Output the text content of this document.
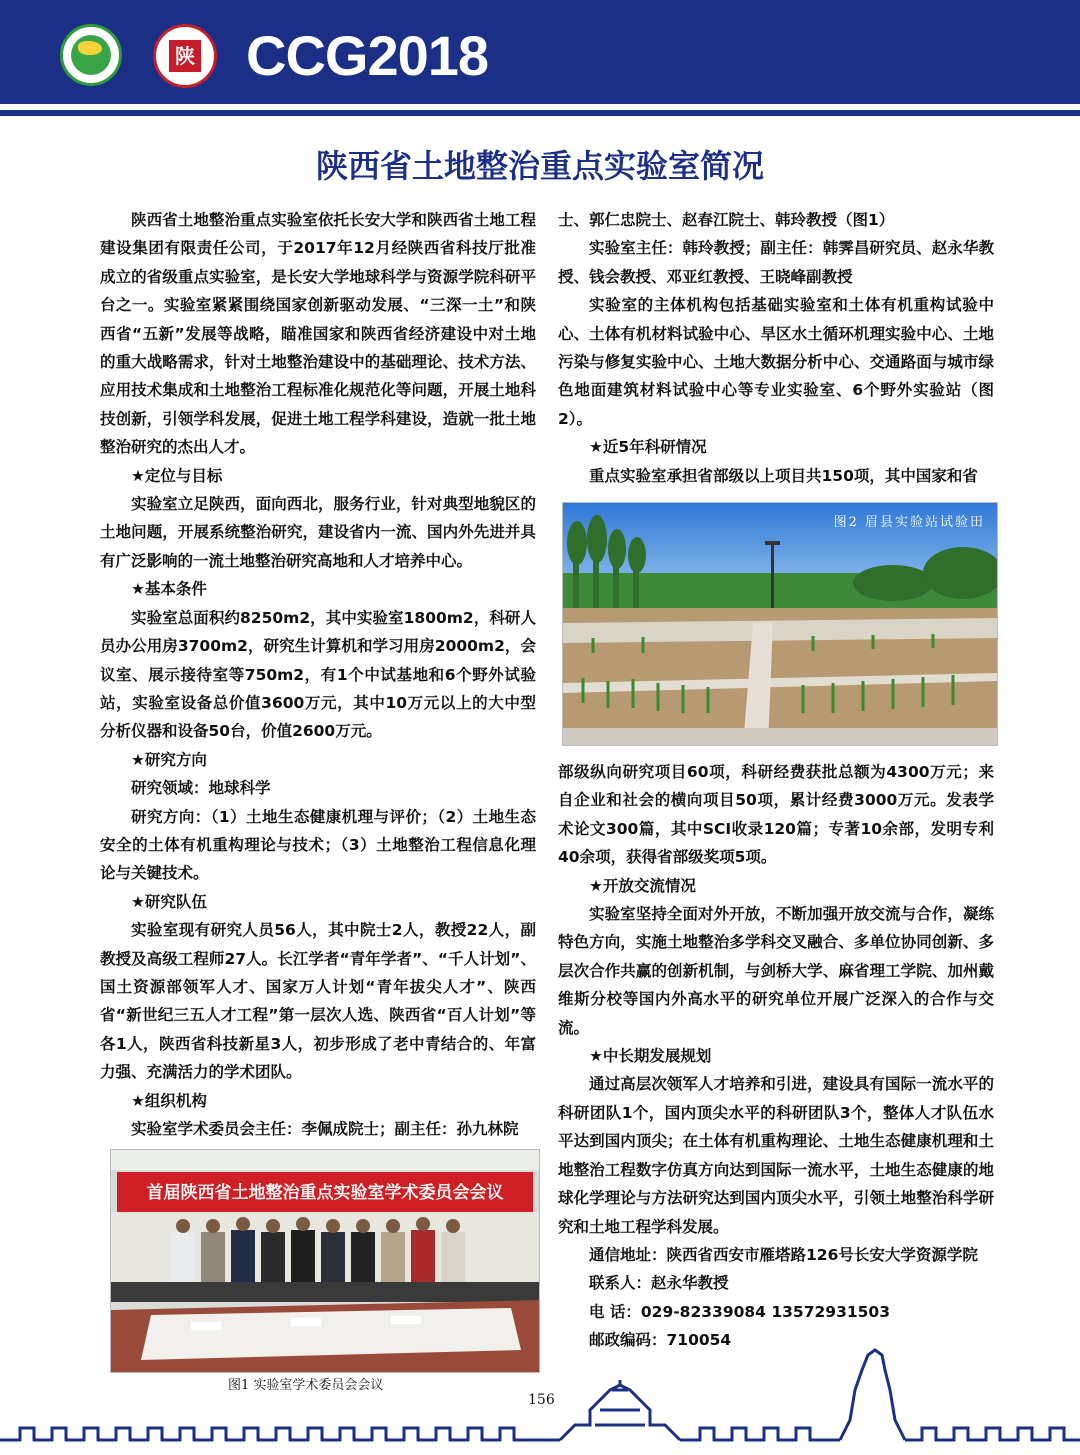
陕 CCG2018
陕西省土地整治重点实验室简况

陕西省土地整治重点实验室依托长安大学和陕西省土地工程建设集团有限责任公司，于2017年12月经陕西省科技厅批准成立的省级重点实验室，是长安大学地球科学与资源学院科研平台之一。实验室紧紧围绕国家创新驱动发展、“三深一土”和陕西省“五新”发展等战略，瞄准国家和陕西省经济建设中对土地的重大战略需求，针对土地整治建设中的基础理论、技术方法、应用技术集成和土地整治工程标准化规范化等问题，开展土地科技创新，引领学科发展，促进土地工程学科建设，造就一批土地整治研究的杰出人才。

★定位与目标

实验室立足陕西，面向西北，服务行业，针对典型地貌区的土地问题，开展系统整治研究，建设省内一流、国内外先进并具有广泛影响的一流土地整治研究高地和人才培养中心。

★基本条件

实验室总面积约8250m2，其中实验室1800m2，科研人员办公用房3700m2，研究生计算机和学习用房2000m2，会议室、展示接待室等750m2，有1个中试基地和6个野外试验站，实验室设备总价值3600万元，其中10万元以上的大中型分析仪器和设备50台，价值2600万元。

★研究方向

研究领域：地球科学

研究方向：（1）土地生态健康机理与评价；（2）土地生态安全的土体有机重构理论与技术；（3）土地整治工程信息化理论与关键技术。

★研究队伍

实验室现有研究人员56人，其中院士2人，教授22人，副教授及高级工程师27人。长江学者“青年学者”、“千人计划”、国土资源部领军人才、国家万人计划“青年拔尖人才”、陕西省“新世纪三五人才工程”第一层次人选、陕西省“百人计划”等各1人，陕西省科技新星3人，初步形成了老中青结合的、年富力强、充满活力的学术团队。

★组织机构

实验室学术委员会主任：李佩成院士；副主任：孙九林院

士、郭仁忠院士、赵春江院士、韩玲教授（图1）

实验室主任：韩玲教授；副主任：韩霁昌研究员、赵永华教授、钱会教授、邓亚红教授、王晓峰副教授

实验室的主体机构包括基础实验室和土体有机重构试验中心、土体有机材料试验中心、旱区水土循环机理实验中心、土地污染与修复实验中心、土地大数据分析中心、交通路面与城市绿色地面建筑材料试验中心等专业实验室、6个野外实验站（图2）。

★近5年科研情况

重点实验室承担省部级以上项目共150项，其中国家和省

图2 眉县实验站试验田

部级纵向研究项目60项，科研经费获批总额为4300万元；来自企业和社会的横向项目50项，累计经费3000万元。发表学术论文300篇，其中SCI收录120篇；专著10余部，发明专利40余项，获得省部级奖项5项。

★开放交流情况

实验室坚持全面对外开放，不断加强开放交流与合作，凝练特色方向，实施土地整治多学科交叉融合、多单位协同创新、多层次合作共赢的创新机制，与剑桥大学、麻省理工学院、加州戴维斯分校等国内外高水平的研究单位开展广泛深入的合作与交流。

★中长期发展规划

通过高层次领军人才培养和引进，建设具有国际一流水平的科研团队1个，国内顶尖水平的科研团队3个，整体人才队伍水平达到国内顶尖；在土体有机重构理论、土地生态健康机理和土地整治工程数字仿真方向达到国际一流水平，土地生态健康的地球化学理论与方法研究达到国内顶尖水平，引领土地整治科学研究和土地工程学科发展。

通信地址：陕西省西安市雁塔路126号长安大学资源学院

联系人：赵永华教授

电 话：029-82339084 13572931503

邮政编码：710054

首届陕西省土地整治重点实验室学术委员会会议
图1 实验室学术委员会会议
156
